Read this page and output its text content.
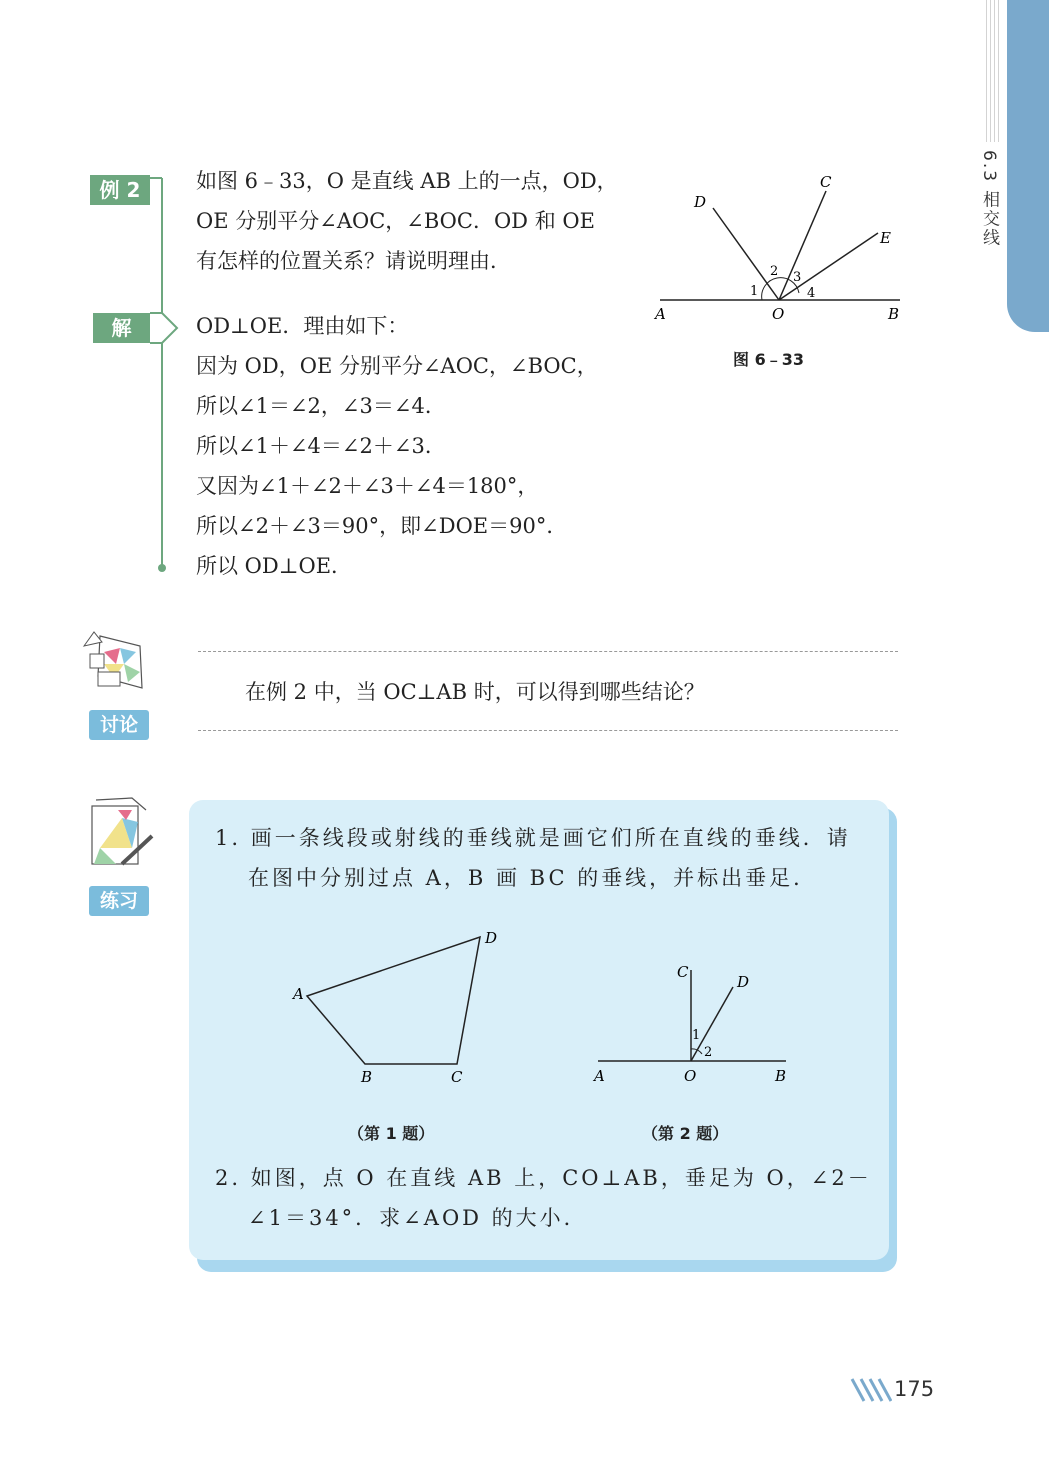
6.3 相交线
例 2
解
如图 6﹣33，O 是直线 AB 上的一点，OD，
OE 分别平分∠AOC，∠BOC．OD 和 OE
有怎样的位置关系？请说明理由．
OD⊥OE．理由如下：
因为 OD，OE 分别平分∠AOC，∠BOC，
所以∠1＝∠2，∠3＝∠4．
所以∠1＋∠4＝∠2＋∠3．
又因为∠1＋∠2＋∠3＋∠4＝180°，
所以∠2＋∠3＝90°，即∠DOE＝90°．
所以 OD⊥OE．
D
C
E
A	O	B
1
2 3
4
图 6﹣33
讨论
在例 2 中，当 OC⊥AB 时，可以得到哪些结论？
练习
1. 画一条线段或射线的垂线就是画它们所在直线的垂线．请
在图中分别过点 A，B 画 BC 的垂线，并标出垂足．
A
B	C
D
（第 1 题）
C
D
A	O	B
1
2
（第 2 题）
2. 如图，点 O 在直线 AB 上，CO⊥AB，垂足为 O，∠2－
∠1＝34°．求∠AOD 的大小．
175
